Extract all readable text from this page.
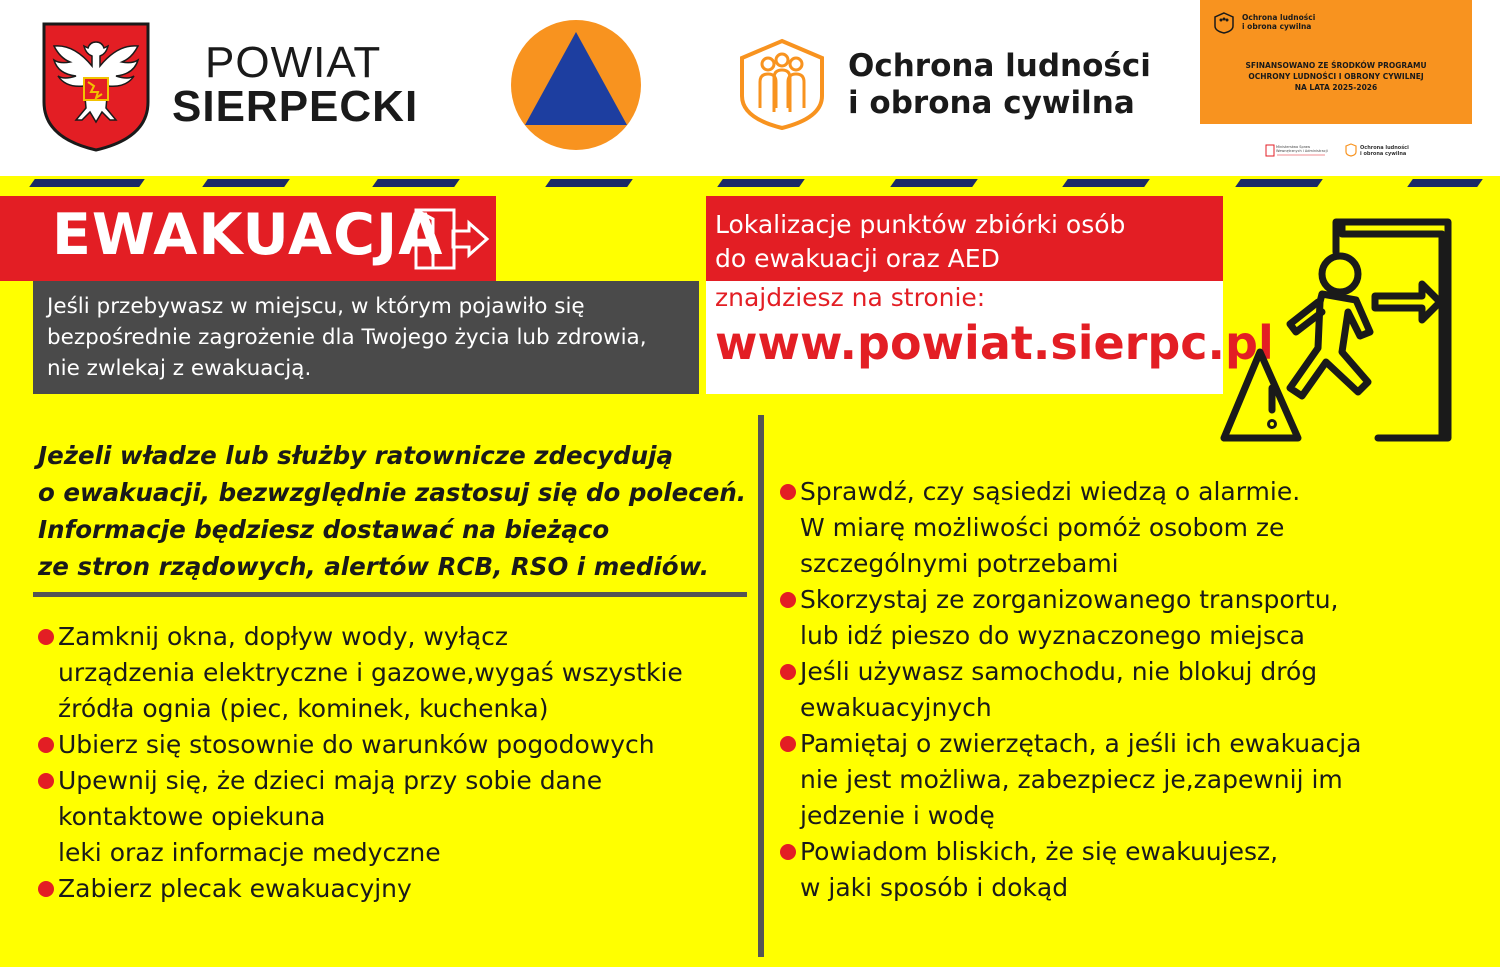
POWIAT
SIERPECKI
Ochrona ludności
i obrona cywilna
Ochrona ludności
i obrona cywilna
SFINANSOWANO ZE ŚRODKÓW PROGRAMU
OCHRONY LUDNOŚCI I OBRONY CYWILNEJ
NA LATA 2025-2026
Ministerstwo Spraw
Wewnętrznych i Administracji	Ochrona ludności
i obrona cywilna
EWAKUACJA
Jeśli przebywasz w miejscu, w którym pojawiło się
bezpośrednie zagrożenie dla Twojego życia lub zdrowia,
nie zwlekaj z ewakuacją.
Lokalizacje punktów zbiórki osób
do ewakuacji oraz AED
znajdziesz na stronie:
www.powiat.sierpc.pl
Jeżeli władze lub służby ratownicze zdecydują
o ewakuacji, bezwzględnie zastosuj się do poleceń.
Informacje będziesz dostawać na bieżąco
ze stron rządowych, alertów RCB, RSO i mediów.
Zamknij okna, dopływ wody, wyłącz
urządzenia elektryczne i gazowe,wygaś wszystkie
źródła ognia (piec, kominek, kuchenka)
Ubierz się stosownie do warunków pogodowych
Upewnij się, że dzieci mają przy sobie dane
kontaktowe opiekuna
leki oraz informacje medyczne
Zabierz plecak ewakuacyjny
Sprawdź, czy sąsiedzi wiedzą o alarmie.
W miarę możliwości pomóż osobom ze
szczególnymi potrzebami
Skorzystaj ze zorganizowanego transportu,
lub idź pieszo do wyznaczonego miejsca
Jeśli używasz samochodu, nie blokuj dróg
ewakuacyjnych
Pamiętaj o zwierzętach, a jeśli ich ewakuacja
nie jest możliwa, zabezpiecz je,zapewnij im
jedzenie i wodę
Powiadom bliskich, że się ewakuujesz,
w jaki sposób i dokąd
